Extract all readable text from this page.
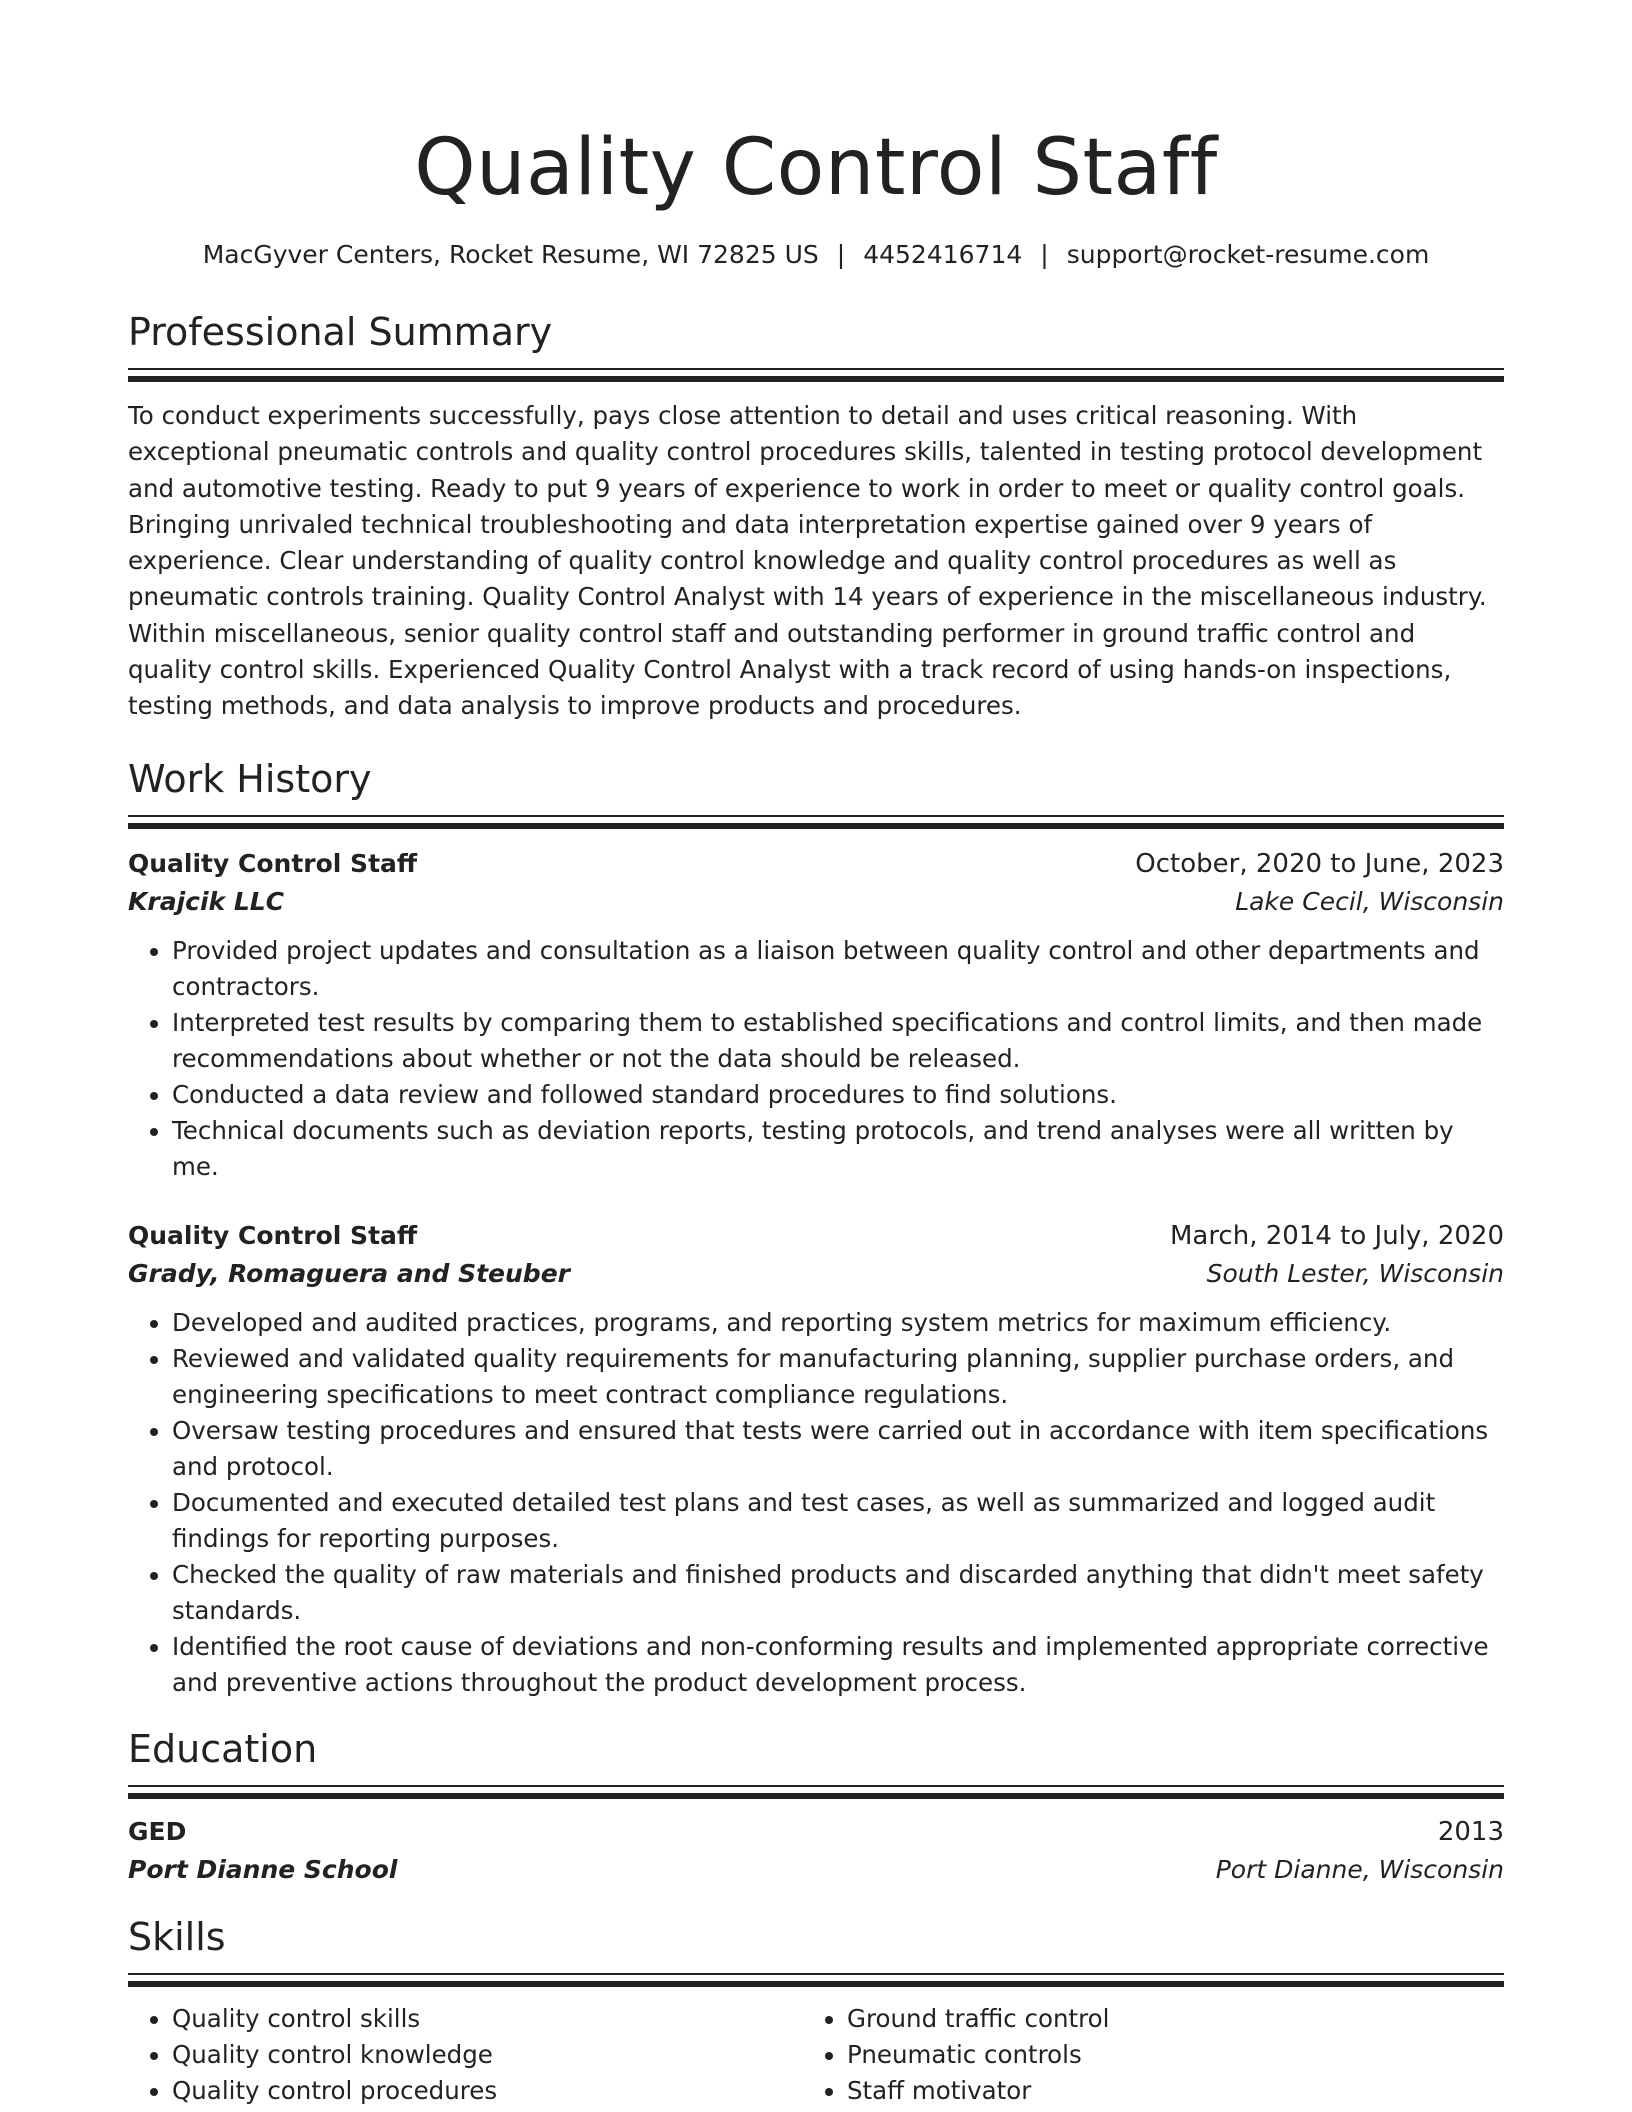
Quality Control Staff
MacGyver Centers, Rocket Resume, WI 72825 US | 4452416714 | support@rocket-resume.com
Professional Summary
To conduct experiments successfully, pays close attention to detail and uses critical reasoning. With exceptional pneumatic controls and quality control procedures skills, talented in testing protocol development and automotive testing. Ready to put 9 years of experience to work in order to meet or quality control goals. Bringing unrivaled technical troubleshooting and data interpretation expertise gained over 9 years of experience. Clear understanding of quality control knowledge and quality control procedures as well as pneumatic controls training. Quality Control Analyst with 14 years of experience in the miscellaneous industry. Within miscellaneous, senior quality control staff and outstanding performer in ground traffic control and quality control skills. Experienced Quality Control Analyst with a track record of using hands-on inspections, testing methods, and data analysis to improve products and procedures.
Work History
Quality Control Staff	October, 2020 to June, 2023
Krajcik LLC	Lake Cecil, Wisconsin
• Provided project updates and consultation as a liaison between quality control and other departments and contractors.
• Interpreted test results by comparing them to established specifications and control limits, and then made recommendations about whether or not the data should be released.
• Conducted a data review and followed standard procedures to find solutions.
• Technical documents such as deviation reports, testing protocols, and trend analyses were all written by me.
Quality Control Staff	March, 2014 to July, 2020
Grady, Romaguera and Steuber	South Lester, Wisconsin
• Developed and audited practices, programs, and reporting system metrics for maximum efficiency.
• Reviewed and validated quality requirements for manufacturing planning, supplier purchase orders, and engineering specifications to meet contract compliance regulations.
• Oversaw testing procedures and ensured that tests were carried out in accordance with item specifications and protocol.
• Documented and executed detailed test plans and test cases, as well as summarized and logged audit findings for reporting purposes.
• Checked the quality of raw materials and finished products and discarded anything that didn't meet safety standards.
• Identified the root cause of deviations and non-conforming results and implemented appropriate corrective and preventive actions throughout the product development process.
Education
GED	2013
Port Dianne School	Port Dianne, Wisconsin
Skills
• Quality control skills
• Quality control knowledge
• Quality control procedures
• Ground traffic control
• Pneumatic controls
• Staff motivator
